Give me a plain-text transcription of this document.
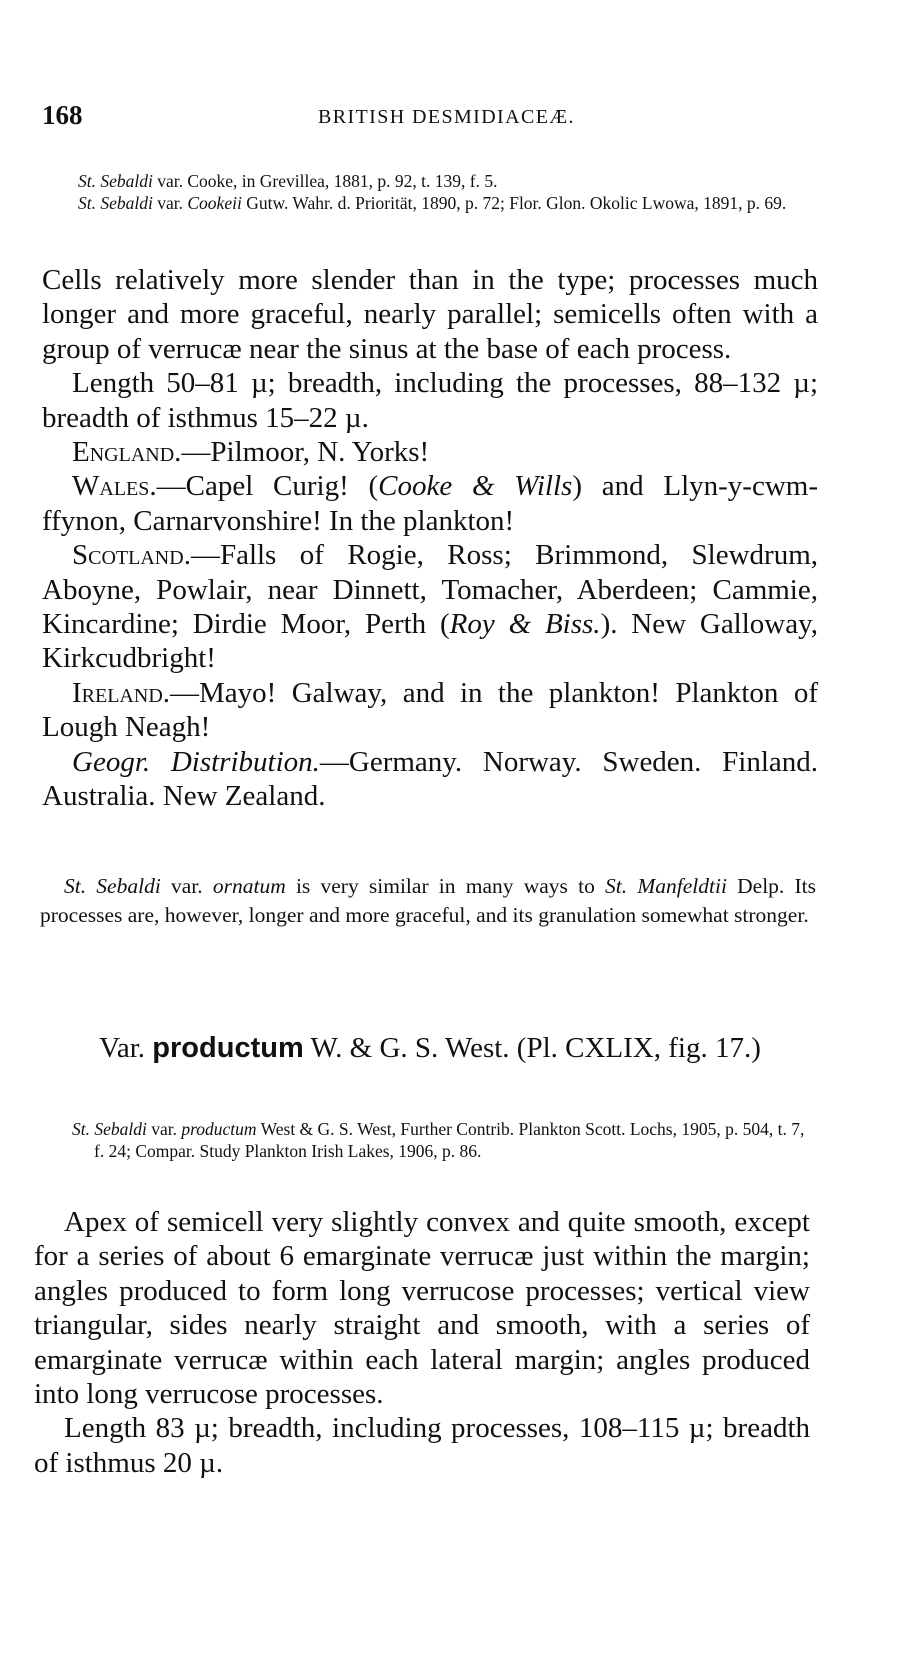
168	BRITISH DESMIDIACEÆ.

St. Sebaldi var. Cooke, in Grevillea, 1881, p. 92, t. 139, f. 5.

St. Sebaldi var. Cookeii Gutw. Wahr. d. Priorität, 1890, p. 72; Flor. Glon. Okolic Lwowa, 1891, p. 69.

Cells relatively more slender than in the type; processes much longer and more graceful, nearly parallel; semicells often with a group of verrucæ near the sinus at the base of each process.

Length 50–81 µ; breadth, including the processes, 88–132 µ; breadth of isthmus 15–22 µ.

England.—Pilmoor, N. Yorks!

Wales.—Capel Curig! (Cooke & Wills) and Llyn-y-cwm-ffynon, Carnarvonshire! In the plankton!

Scotland.—Falls of Rogie, Ross; Brimmond, Slewdrum, Aboyne, Powlair, near Dinnett, Tomacher, Aberdeen; Cammie, Kincardine; Dirdie Moor, Perth (Roy & Biss.). New Galloway, Kirkcudbright!

Ireland.—Mayo! Galway, and in the plankton! Plankton of Lough Neagh!

Geogr. Distribution.—Germany. Norway. Sweden. Finland. Australia. New Zealand.

St. Sebaldi var. ornatum is very similar in many ways to St. Manfeldtii Delp. Its processes are, however, longer and more graceful, and its granulation somewhat stronger.

Var. productum W. & G. S. West. (Pl. CXLIX, fig. 17.)

St. Sebaldi var. productum West & G. S. West, Further Contrib. Plankton Scott. Lochs, 1905, p. 504, t. 7, f. 24; Compar. Study Plankton Irish Lakes, 1906, p. 86.

Apex of semicell very slightly convex and quite smooth, except for a series of about 6 emarginate verrucæ just within the margin; angles produced to form long verrucose processes; vertical view triangular, sides nearly straight and smooth, with a series of emarginate verrucæ within each lateral margin; angles produced into long verrucose processes.

Length 83 µ; breadth, including processes, 108–115 µ; breadth of isthmus 20 µ.
